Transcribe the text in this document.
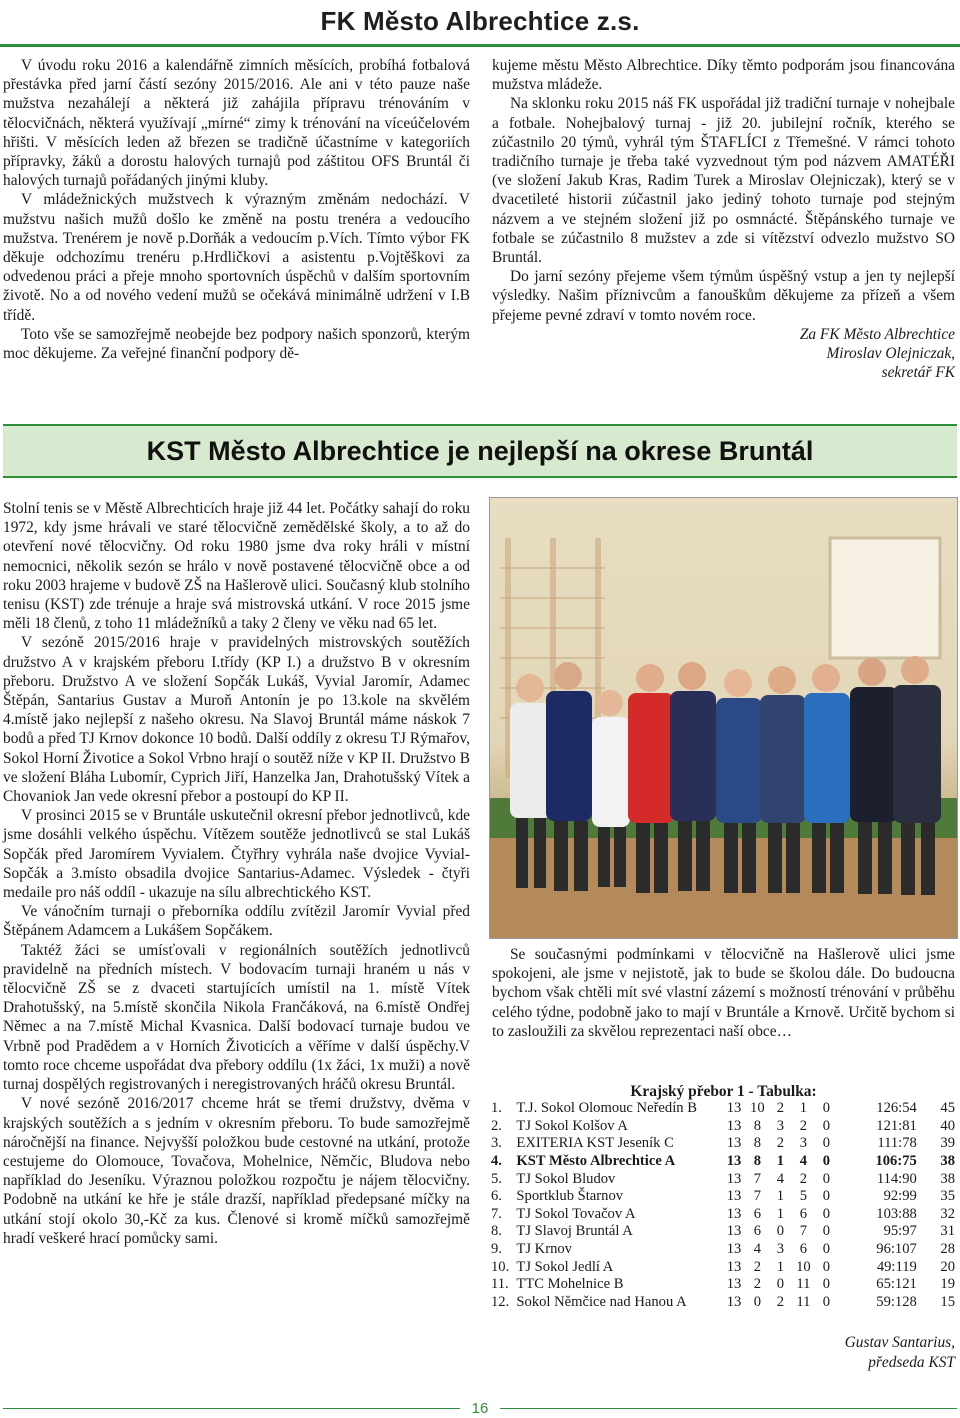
FK Město Albrechtice z.s.

V úvodu roku 2016 a kalendářně zimních měsících, probíhá fotbalová přestávka před jarní částí sezóny 2015/2016. Ale ani v této pauze naše mužstva nezahálejí a některá již zahájila přípravu trénováním v tělocvičnách, některá využívají „mírné“ zimy k trénování na víceúčelovém hřišti. V měsících leden až březen se tradičně účastníme v kategoriích přípravky, žáků a dorostu halových turnajů pod záštitou OFS Bruntál či halových turnajů pořádaných jinými kluby.

V mládežnických mužstvech k výrazným změnám nedochází. V mužstvu našich mužů došlo ke změně na postu trenéra a vedoucího mužstva. Trenérem je nově p.Dorňák a vedoucím p.Vích. Tímto výbor FK děkuje odchozímu trenéru p.Hrdličkovi a asistentu p.Vojtěškovi za odvedenou práci a přeje mnoho sportovních úspěchů v dalším sportovním životě. No a od nového vedení mužů se očekává minimálně udržení v I.B třídě.

Toto vše se samozřejmě neobejde bez podpory našich sponzorů, kterým moc děkujeme. Za veřejné finanční podpory dě-

kujeme městu Město Albrechtice. Díky těmto podporám jsou financována mužstva mládeže.

Na sklonku roku 2015 náš FK uspořádal již tradiční turnaje v nohejbale a fotbale. Nohejbalový turnaj - již 20. jubilejní ročník, kterého se zúčastnilo 20 týmů, vyhrál tým ŠTAFLÍCI z Třemešné. V rámci tohoto tradičního turnaje je třeba také vyzvednout tým pod názvem AMATÉŘI (ve složení Jakub Kras, Radim Turek a Miroslav Olejniczak), který se v dvacetileté historii zúčastnil jako jediný tohoto turnaje pod stejným názvem a ve stejném složení již po osmnácté. Štěpánského turnaje ve fotbale se zúčastnilo 8 mužstev a zde si vítězství odvezlo mužstvo SO Bruntál.

Do jarní sezóny přejeme všem týmům úspěšný vstup a jen ty nejlepší výsledky. Našim příznivcům a fanouškům děkujeme za přízeň a všem přejeme pevné zdraví v tomto novém roce.

Za FK Město Albrechtice

Miroslav Olejniczak,

sekretář FK

KST Město Albrechtice je nejlepší na okrese Bruntál

Stolní tenis se v Městě Albrechticích hraje již 44 let. Počátky sahají do roku 1972, kdy jsme hrávali ve staré tělocvičně zemědělské školy, a to až do otevření nové tělocvičny. Od roku 1980 jsme dva roky hráli v místní nemocnici, několik sezón se hrálo v nově postavené tělocvičně obce a od roku 2003 hrajeme v budově ZŠ na Hašlerově ulici. Současný klub stolního tenisu (KST) zde trénuje a hraje svá mistrovská utkání. V roce 2015 jsme měli 18 členů, z toho 11 mládežníků a taky 2 členy ve věku nad 65 let.

V sezóně 2015/2016 hraje v pravidelných mistrovských soutěžích družstvo A v krajském přeboru I.třídy (KP I.) a družstvo B v okresním přeboru. Družstvo A ve složení Sopčák Lukáš, Vyvial Jaromír, Adamec Štěpán, Santarius Gustav a Muroň Antonín je po 13.kole na skvělém 4.místě jako nejlepší z našeho okresu. Na Slavoj Bruntál máme náskok 7 bodů a před TJ Krnov dokonce 10 bodů. Další oddíly z okresu TJ Rýmařov, Sokol Horní Životice a Sokol Vrbno hrají o soutěž níže v KP II. Družstvo B ve složení Bláha Lubomír, Cyprich Jiří, Hanzelka Jan, Drahotušský Vítek a Chovaniok Jan vede okresní přebor a postoupí do KP II.

V prosinci 2015 se v Bruntále uskutečnil okresní přebor jednotlivců, kde jsme dosáhli velkého úspěchu. Vítězem soutěže jednotlivců se stal Lukáš Sopčák před Jaromírem Vyvialem. Čtyřhry vyhrála naše dvojice Vyvial-Sopčák a 3.místo obsadila dvojice Santarius-Adamec. Výsledek - čtyři medaile pro náš oddíl - ukazuje na sílu albrechtického KST.

Ve vánočním turnaji o přeborníka oddílu zvítězil Jaromír Vyvial před Štěpánem Adamcem a Lukášem Sopčákem.

Taktéž žáci se umísťovali v regionálních soutěžích jednotlivců pravidelně na předních místech. V bodovacím turnaji hraném u nás v tělocvičně ZŠ se z dvaceti startujících umístil na 1. místě Vítek Drahotušský, na 5.místě skončila Nikola Frančáková, na 6.místě Ondřej Němec a na 7.místě Michal Kvasnica. Další bodovací turnaje budou ve Vrbně pod Pradědem a v Horních Životicích a věříme v další úspěchy.V tomto roce chceme uspořádat dva přebory oddílu (1x žáci, 1x muži) a nově turnaj dospělých registrovaných i neregistrovaných hráčů okresu Bruntál.

V nové sezóně 2016/2017 chceme hrát se třemi družstvy, dvěma v krajských soutěžích a s jedním v okresním přeboru. To bude samozřejmě náročnější na finance. Nejvyšší položkou bude cestovné na utkání, protože cestujeme do Olomouce, Tovačova, Mohelnice, Němčic, Bludova nebo například do Jeseníku. Výraznou položkou rozpočtu je nájem tělocvičny. Podobně na utkání ke hře je stále drazší, například předepsané míčky na utkání stojí okolo 30,-Kč za kus. Členové si kromě míčků samozřejmě hradí veškeré hrací pomůcky sami.

Se současnými podmínkami v tělocvičně na Hašlerově ulici jsme spokojeni, ale jsme v nejistotě, jak to bude se školou dále. Do budoucna bychom však chtěli mít své vlastní zázemí s možností trénování v průběhu celého týdne, podobně jako to mají v Bruntále a Krnově. Určitě bychom si to zasloužili za skvělou reprezentaci naší obce…

Krajský přebor 1 - Tabulka:
1.	T.J. Sokol Olomouc Neředín B	13	10	2	1	0	126:54	45
2.	TJ Sokol Kolšov A	13	8	3	2	0	121:81	40
3.	EXITERIA KST Jeseník C	13	8	2	3	0	111:78	39
4.	KST Město Albrechtice A	13	8	1	4	0	106:75	38
5.	TJ Sokol Bludov	13	7	4	2	0	114:90	38
6.	Sportklub Štarnov	13	7	1	5	0	92:99	35
7.	TJ Sokol Tovačov A	13	6	1	6	0	103:88	32
8.	TJ Slavoj Bruntál A	13	6	0	7	0	95:97	31
9.	TJ Krnov	13	4	3	6	0	96:107	28
10.	TJ Sokol Jedlí A	13	2	1	10	0	49:119	20
11.	TTC Mohelnice B	13	2	0	11	0	65:121	19
12.	Sokol Němčice nad Hanou A	13	0	2	11	0	59:128	15
Gustav Santarius,
předseda KST
16
